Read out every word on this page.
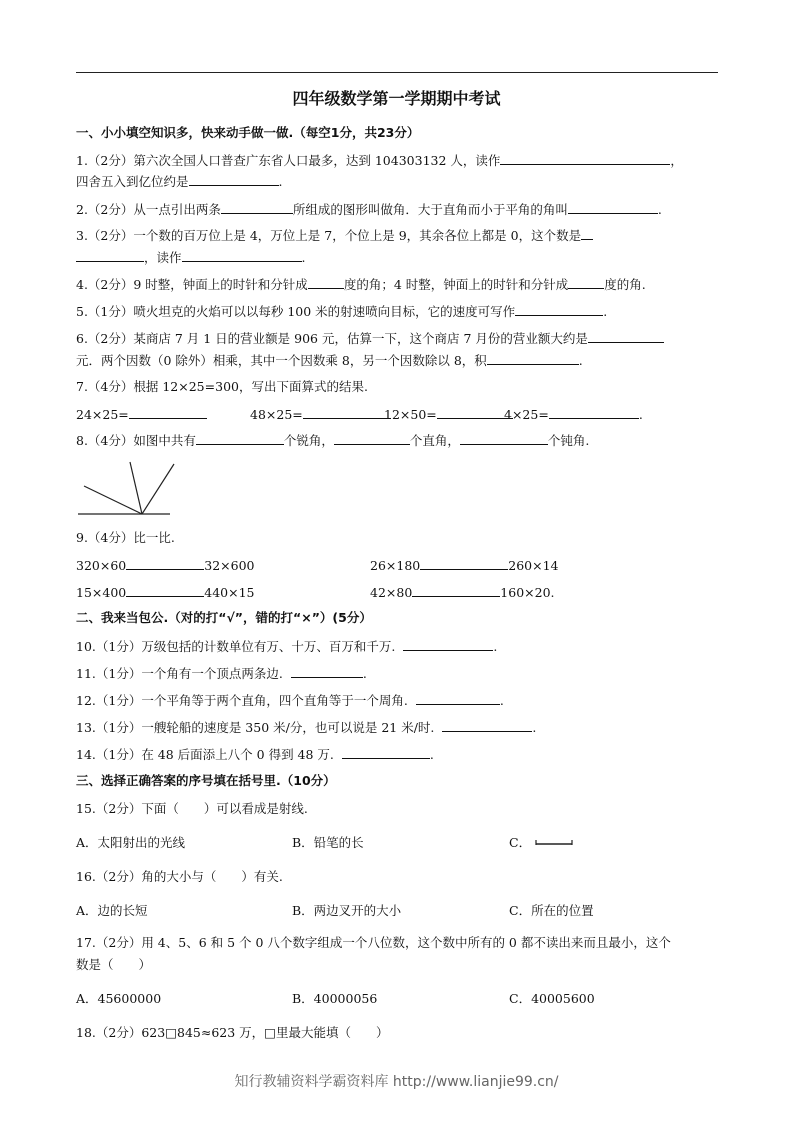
四年级数学第一学期期中考试
一、小小填空知识多，快来动手做一做.（每空1分，共23分）
1.（2分）第六次全国人口普查广东省人口最多，达到 104303132 人，读作	，
四舍五入到亿位约是	.
2.（2分）从一点引出两条	所组成的图形叫做角．大于直角而小于平角的角叫	.
3.（2分）一个数的百万位上是 4，万位上是 7，个位上是 9，其余各位上都是 0，这个数是
，读作	.
4.（2分）9 时整，钟面上的时针和分针成	度的角；4 时整，钟面上的时针和分针成	度的角.
5.（1分）喷火坦克的火焰可以以每秒 100 米的射速喷向目标，它的速度可写作	.
6.（2分）某商店 7 月 1 日的营业额是 906 元，估算一下，这个商店 7 月份的营业额大约是
元．两个因数（0 除外）相乘，其中一个因数乘 8，另一个因数除以 8，积	.
7.（4分）根据 12×25=300，写出下面算式的结果.
24×25=	48×25=	12×50=	4×25=	.
8.（4分）如图中共有	个锐角，	个直角，	个钝角.
9.（4分）比一比.
320×60	32×600	26×180	260×14
15×400	440×15	42×80	160×20.
二、我来当包公.（对的打“√”，错的打“×”）(5分）
10.（1分）万级包括的计数单位有万、十万、百万和千万.	.
11.（1分）一个角有一个顶点两条边.	.
12.（1分）一个平角等于两个直角，四个直角等于一个周角.	.
13.（1分）一艘轮船的速度是 350 米/分，也可以说是 21 米/时.	.
14.（1分）在 48 后面添上八个 0 得到 48 万.	.
三、选择正确答案的序号填在括号里.（10分）
15.（2分）下面（　　）可以看成是射线.
A．太阳射出的光线	B．铅笔的长	C．
16.（2分）角的大小与（　　）有关.
A．边的长短	B．两边叉开的大小	C．所在的位置
17.（2分）用 4、5、6 和 5 个 0 八个数字组成一个八位数，这个数中所有的 0 都不读出来而且最小，这个
数是（　　）
A．45600000	B．40000056	C．40005600
18.（2分）623□845≈623 万，□里最大能填（　　）
知行教辅资料学霸资料库 http://www.lianjie99.cn/
